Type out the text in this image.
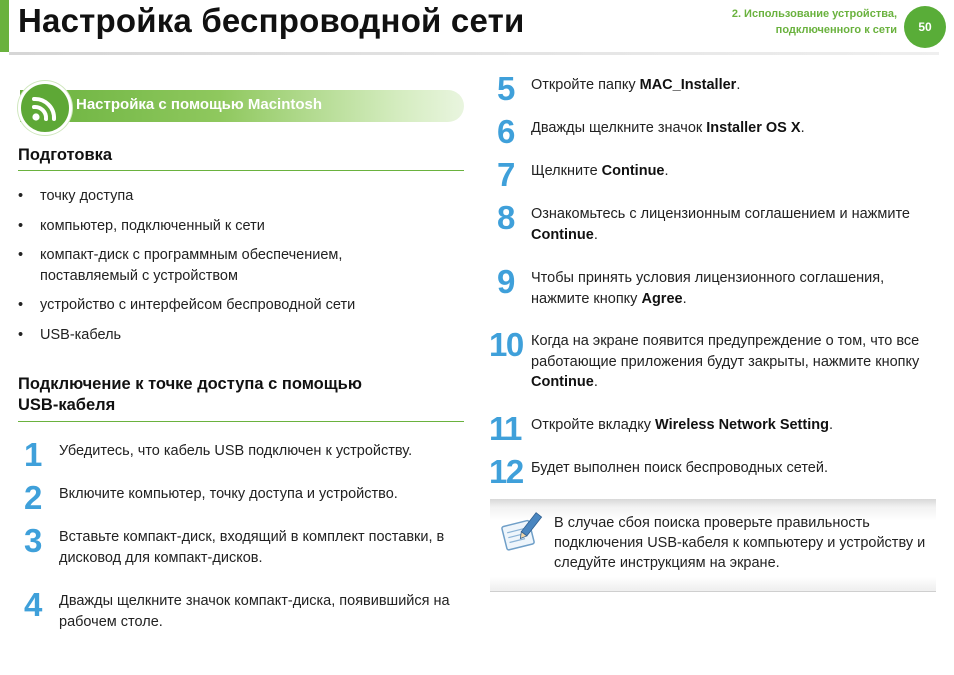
Настройка беспроводной сети	2. Использование устройства,
подключенного к сети	50
Настройка с помощью Macintosh
Подготовка
• точку доступа
• компьютер, подключенный к сети
• компакт-диск с программным обеспечением, поставляемый с устройством
• устройство с интерфейсом беспроводной сети
• USB-кабель
Подключение к точке доступа с помощью
USB-кабеля
1 Убедитесь, что кабель USB подключен к устройству.
2 Включите компьютер, точку доступа и устройство.
3 Вставьте компакт-диск, входящий в комплект поставки, в дисковод для компакт-дисков.
4 Дважды щелкните значок компакт-диска, появившийся на рабочем столе.
5 Откройте папку MAC_Installer.
6 Дважды щелкните значок Installer OS X.
7 Щелкните Continue.
8 Ознакомьтесь с лицензионным соглашением и нажмите Continue.
9 Чтобы принять условия лицензионного соглашения, нажмите кнопку Agree.
10 Когда на экране появится предупреждение о том, что все работающие приложения будут закрыты, нажмите кнопку Continue.
11 Откройте вкладку Wireless Network Setting.
12 Будет выполнен поиск беспроводных сетей.
В случае сбоя поиска проверьте правильность подключения USB-кабеля к компьютеру и устройству и следуйте инструкциям на экране.
